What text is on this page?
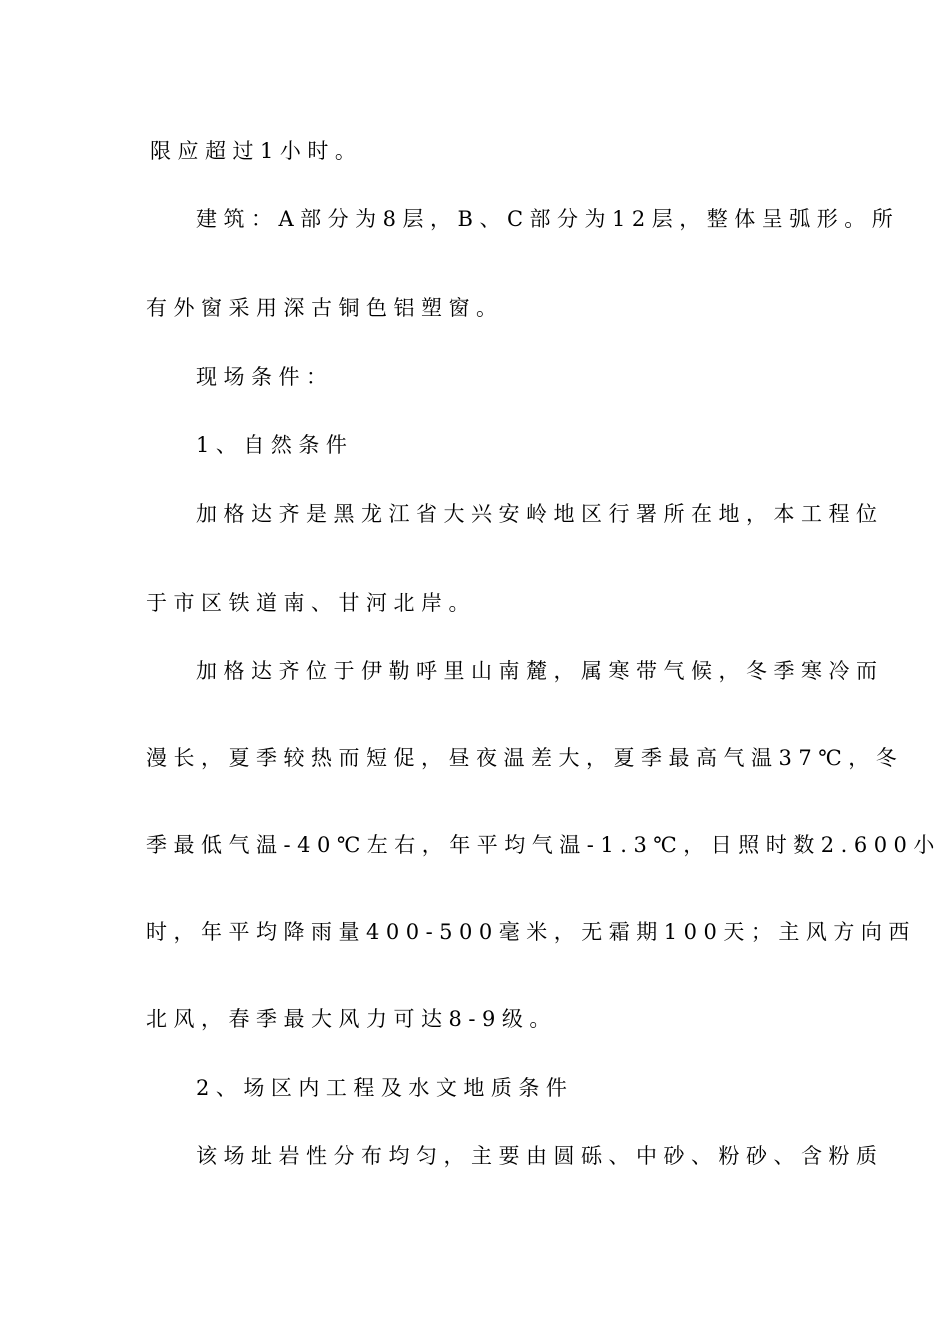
限应超过1小时。
建筑：A部分为8层，B、C部分为12层，整体呈弧形。所
有外窗采用深古铜色铝塑窗。
现场条件：
1、自然条件
加格达齐是黑龙江省大兴安岭地区行署所在地，本工程位
于市区铁道南、甘河北岸。
加格达齐位于伊勒呼里山南麓，属寒带气候，冬季寒冷而
漫长，夏季较热而短促，昼夜温差大，夏季最高气温37℃，冬
季最低气温-40℃左右，年平均气温-1.3℃，日照时数2.600小
时，年平均降雨量400-500毫米，无霜期100天；主风方向西
北风，春季最大风力可达8-9级。
2、场区内工程及水文地质条件
该场址岩性分布均匀，主要由圆砾、中砂、粉砂、含粉质
